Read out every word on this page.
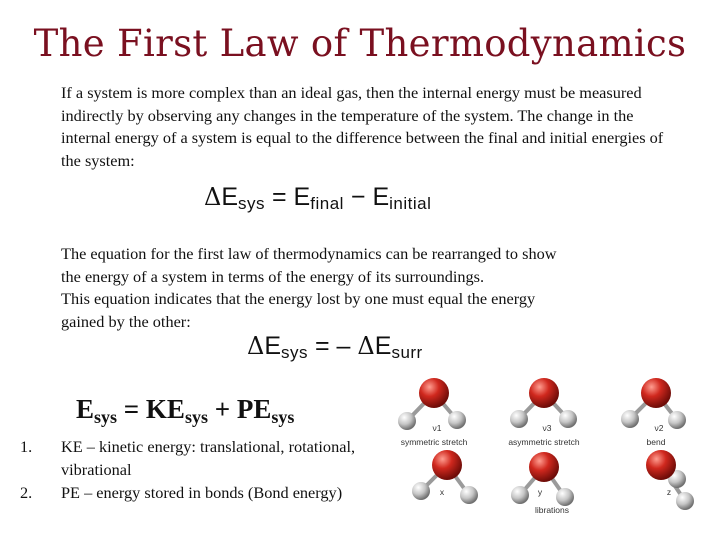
The First Law of Thermodynamics

If a system is more complex than an ideal gas, then the internal energy must be measured indirectly by observing any changes in the temperature of the system. The change in the internal energy of a system is equal to the difference between the final and initial energies of the system:

$\Delta E_{sys} = E_{final} - E_{initial}$

The equation for the first law of thermodynamics can be rearranged to show
the energy of a system in terms of the energy of its surroundings.
This equation indicates that the energy lost by one must equal the energy
gained by the other:

$\Delta E_{sys}$ = – $\Delta E_{surr}$
$E_{sys} = KE_{sys} + PE_{sys}$
1. KE – kinetic energy: translational, rotational, vibrational
2. PE – energy stored in bonds (Bond energy)
ν1
symmetric stretch
ν3
asymmetric stretch
ν2
bend
x	y	z
librations
